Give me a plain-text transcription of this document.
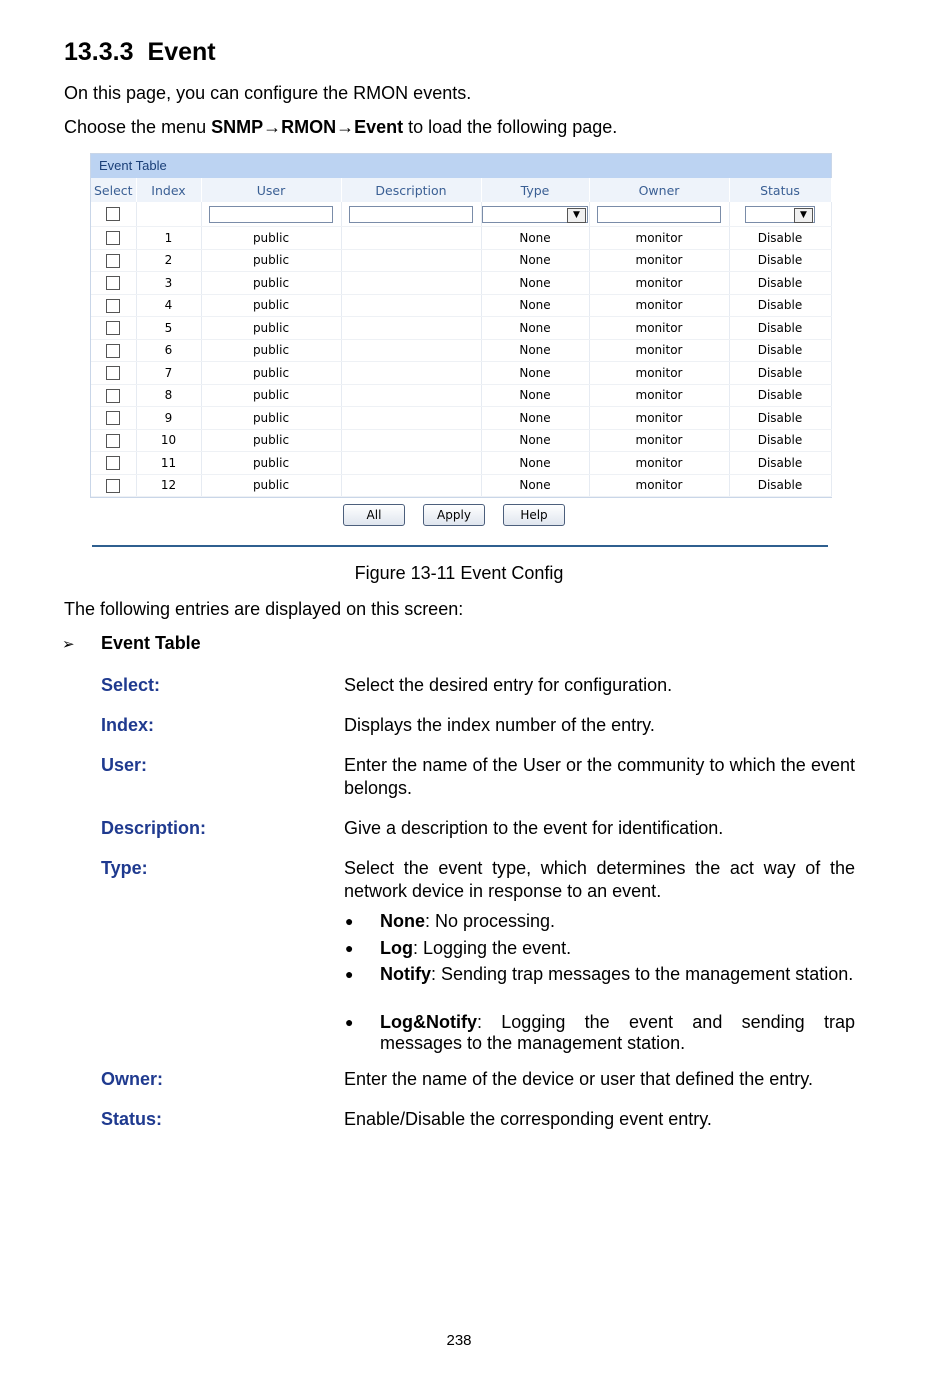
13.3.3 Event
On this page, you can configure the RMON events.
Choose the menu SNMP→RMON→Event to load the following page.
Event Table
Select	Index	User	Description	Type	Owner	Status

				▼		▼

	1	public		None	monitor	Disable
	2	public		None	monitor	Disable
	3	public		None	monitor	Disable
	4	public		None	monitor	Disable
	5	public		None	monitor	Disable
	6	public		None	monitor	Disable
	7	public		None	monitor	Disable
	8	public		None	monitor	Disable
	9	public		None	monitor	Disable
	10	public		None	monitor	Disable
	11	public		None	monitor	Disable
	12	public		None	monitor	Disable
All	Apply	Help
Figure 13-11 Event Config
The following entries are displayed on this screen:
➢ Event Table
Select:	Select the desired entry for configuration.
Index:	Displays the index number of the entry.
User:	Enter the name of the User or the community to which the event belongs.
Description:	Give a description to the event for identification.
Type:	Select the event type, which determines the act way of the network device in response to an event.
● None: No processing.
● Log: Logging the event.
● Notify: Sending trap messages to the management station.
● Log&Notify: Logging the event and sending trap messages to the management station.
Owner:	Enter the name of the device or user that defined the entry.
Status:	Enable/Disable the corresponding event entry.
238
